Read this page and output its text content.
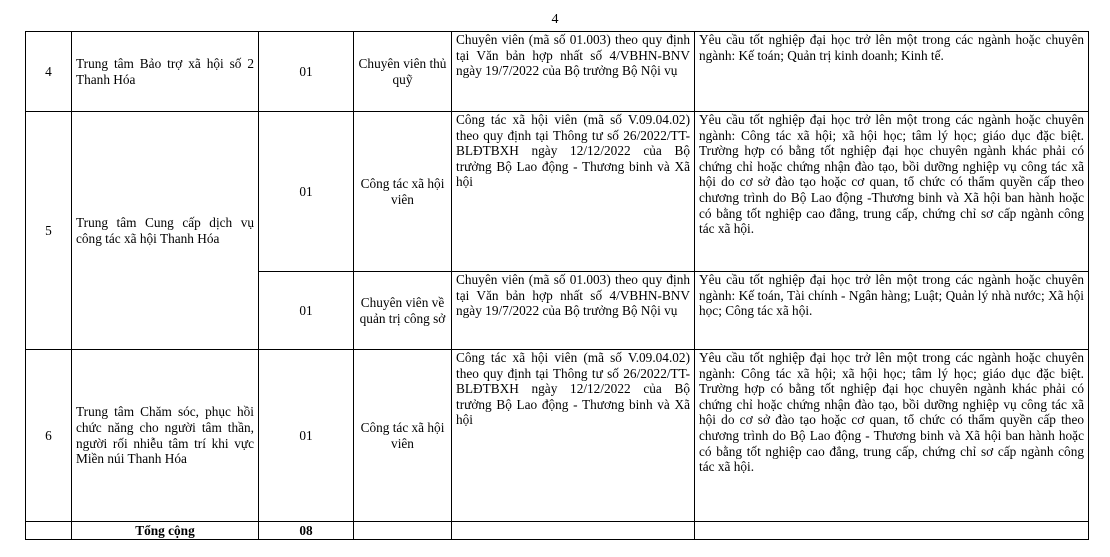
4
4	Trung tâm Bảo trợ xã hội số 2 Thanh Hóa	01	Chuyên viên thủ quỹ	Chuyên viên (mã số 01.003) theo quy định tại Văn bản hợp nhất số 4/VBHN-BNV ngày 19/7/2022 của Bộ trưởng Bộ Nội vụ	Yêu cầu tốt nghiệp đại học trở lên một trong các ngành hoặc chuyên ngành: Kế toán; Quản trị kinh doanh; Kinh tế.
5	Trung tâm Cung cấp dịch vụ công tác xã hội Thanh Hóa	01	Công tác xã hội viên	Công tác xã hội viên (mã số V.09.04.02) theo quy định tại Thông tư số 26/2022/TT-BLĐTBXH ngày 12/12/2022 của Bộ trưởng Bộ Lao động - Thương binh và Xã hội	Yêu cầu tốt nghiệp đại học trở lên một trong các ngành hoặc chuyên ngành: Công tác xã hội; xã hội học; tâm lý học; giáo dục đặc biệt. Trường hợp có bằng tốt nghiệp đại học chuyên ngành khác phải có chứng chỉ hoặc chứng nhận đào tạo, bồi dưỡng nghiệp vụ công tác xã hội do cơ sở đào tạo hoặc cơ quan, tổ chức có thẩm quyền cấp theo chương trình do Bộ Lao động -Thương binh và Xã hội ban hành hoặc có bằng tốt nghiệp cao đẳng, trung cấp, chứng chỉ sơ cấp ngành công tác xã hội.
		01	Chuyên viên về quản trị công sở	Chuyên viên (mã số 01.003) theo quy định tại Văn bản hợp nhất số 4/VBHN-BNV ngày 19/7/2022 của Bộ trưởng Bộ Nội vụ	Yêu cầu tốt nghiệp đại học trở lên một trong các ngành hoặc chuyên ngành: Kế toán, Tài chính - Ngân hàng; Luật; Quản lý nhà nước; Xã hội học; Công tác xã hội.
6	Trung tâm Chăm sóc, phục hồi chức năng cho người tâm thần, người rối nhiễu tâm trí khi vực Miền núi Thanh Hóa	01	Công tác xã hội viên	Công tác xã hội viên (mã số V.09.04.02) theo quy định tại Thông tư số 26/2022/TT-BLĐTBXH ngày 12/12/2022 của Bộ trưởng Bộ Lao động - Thương binh và Xã hội	Yêu cầu tốt nghiệp đại học trở lên một trong các ngành hoặc chuyên ngành: Công tác xã hội; xã hội học; tâm lý học; giáo dục đặc biệt. Trường hợp có bằng tốt nghiệp đại học chuyên ngành khác phải có chứng chỉ hoặc chứng nhận đào tạo, bồi dưỡng nghiệp vụ công tác xã hội do cơ sở đào tạo hoặc cơ quan, tổ chức có thẩm quyền cấp theo chương trình do Bộ Lao động - Thương binh và Xã hội ban hành hoặc có bằng tốt nghiệp cao đẳng, trung cấp, chứng chỉ sơ cấp ngành công tác xã hội.
	Tổng cộng	08			
